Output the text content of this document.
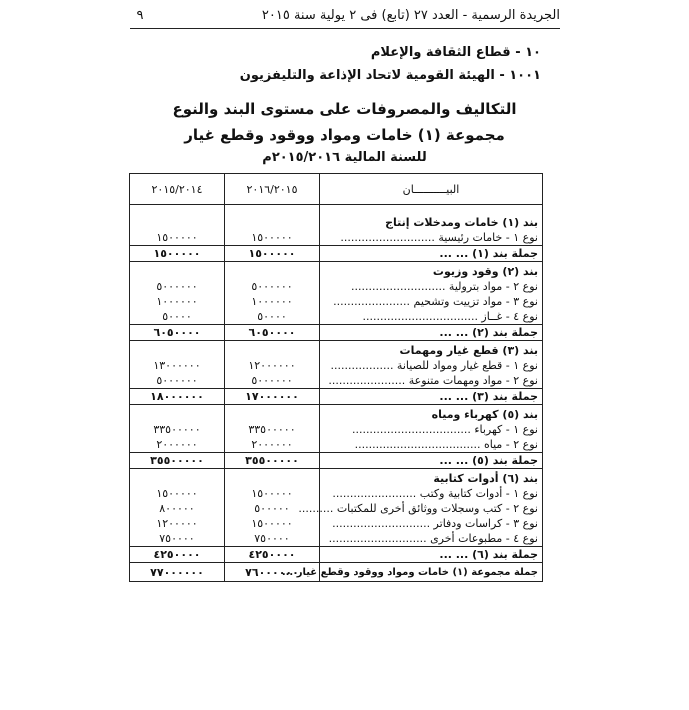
الجريدة الرسمية - العدد ٢٧ (تابع) فى ٢ يولية سنة ٢٠١٥
٩
١٠ - قطاع الثقافة والإعلام
١٠٠١ - الهيئة القومية لاتحاد الإذاعة والتليفزيون
التكاليف والمصروفات على مستوى البند والنوع
مجموعة (١) خامات ومواد ووقود وقطع غيار
للسنة المالية ٢٠١٥/٢٠١٦م
البيــــــــــان	٢٠١٦/٢٠١٥	٢٠١٥/٢٠١٤

بند (١) خامات ومدخلات إنتاج		
نوع ١ - خامات رئيسية ...........................	١٥٠٠٠٠٠	١٥٠٠٠٠٠
جملة بند (١) ... ...	١٥٠٠٠٠٠	١٥٠٠٠٠٠
بند (٢) وقود وزيوت		
نوع ٢ - مواد بترولية ...........................	٥٠٠٠٠٠٠	٥٠٠٠٠٠٠
نوع ٣ - مواد تزييت وتشحيم ......................	١٠٠٠٠٠٠	١٠٠٠٠٠٠
نوع ٤ - غــاز .................................	٥٠٠٠٠	٥٠٠٠٠
جملة بند (٢) ... ...	٦٠٥٠٠٠٠	٦٠٥٠٠٠٠
بند (٣) قطع غيار ومهمات		
نوع ١ - قطع غيار ومواد للصيانة ..................	١٢٠٠٠٠٠٠	١٣٠٠٠٠٠٠
نوع ٢ - مواد ومهمات متنوعة ......................	٥٠٠٠٠٠٠	٥٠٠٠٠٠٠
جملة بند (٣) ... ...	١٧٠٠٠٠٠٠	١٨٠٠٠٠٠٠
بند (٥) كهرباء ومياه		
نوع ١ - كهرباء ..................................	٣٣٥٠٠٠٠٠	٣٣٥٠٠٠٠٠
نوع ٢ - مياه ....................................	٢٠٠٠٠٠٠	٢٠٠٠٠٠٠
جملة بند (٥) ... ...	٣٥٥٠٠٠٠٠	٣٥٥٠٠٠٠٠
بند (٦) أدوات كتابية		
نوع ١ - أدوات كتابية وكتب ........................	١٥٠٠٠٠٠	١٥٠٠٠٠٠
نوع ٢ - كتب وسجلات ووثائق أخرى للمكتبات ..........	٥٠٠٠٠٠	٨٠٠٠٠٠
نوع ٣ - كراسات ودفاتر ............................	١٥٠٠٠٠٠	١٢٠٠٠٠٠
نوع ٤ - مطبوعات أخرى ............................	٧٥٠٠٠٠	٧٥٠٠٠٠
جملة بند (٦) ... ...	٤٢٥٠٠٠٠	٤٢٥٠٠٠٠
جملة مجموعة (١) خامات ومواد ووقود وقطع غيار ...	٧٦٠٠٠٠٠٠	٧٧٠٠٠٠٠٠
